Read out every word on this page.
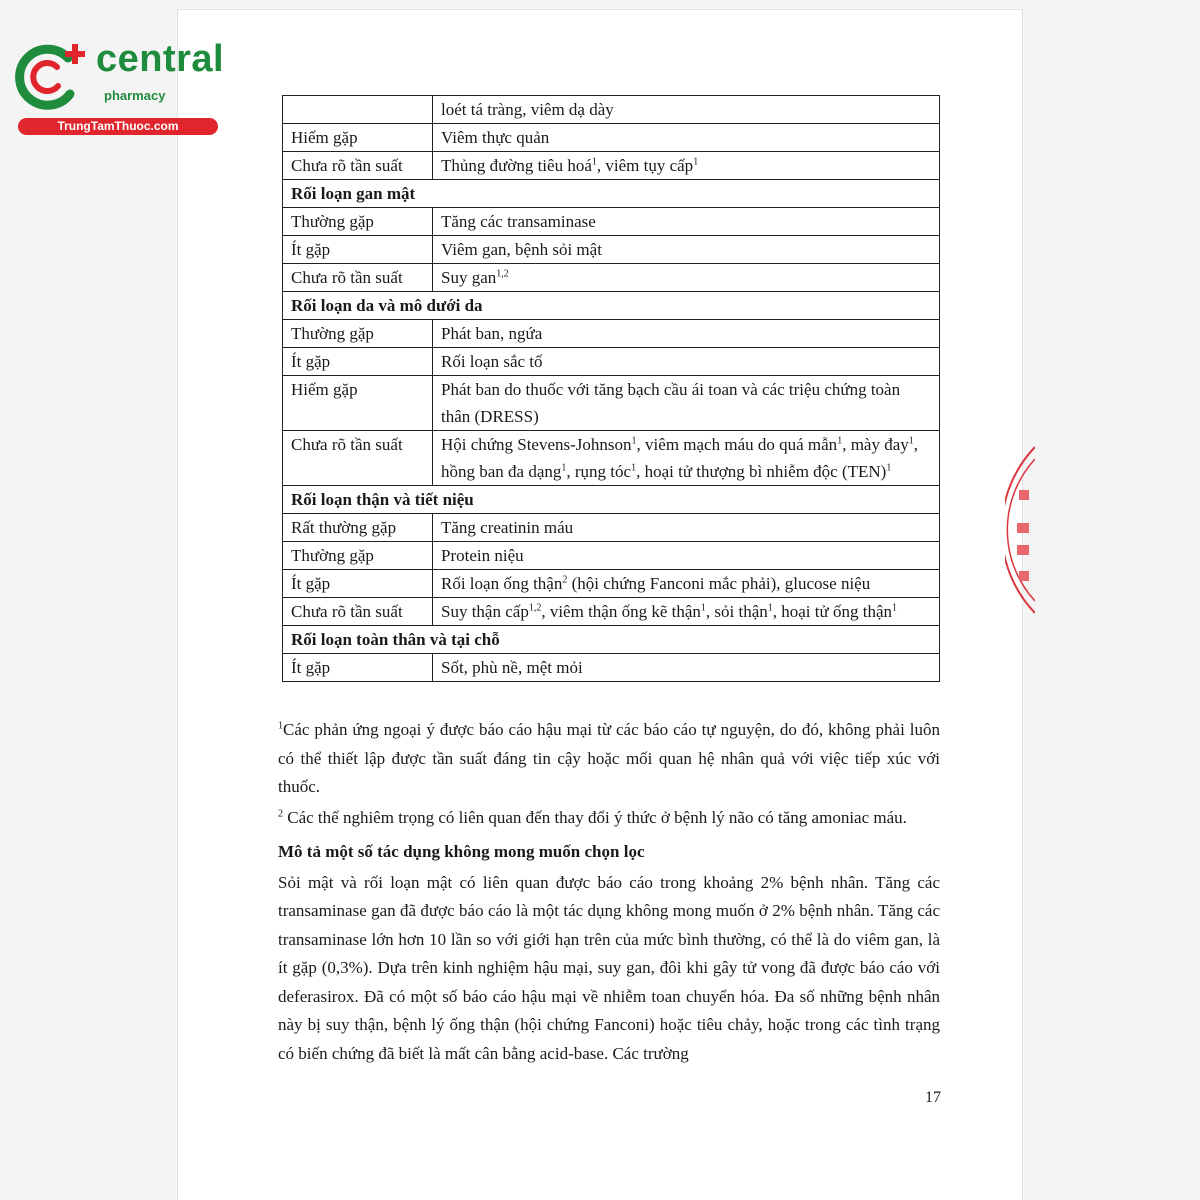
central
pharmacy
TrungTamThuoc.com
	loét tá tràng, viêm dạ dày
Hiếm gặp	Viêm thực quản
Chưa rõ tần suất	Thủng đường tiêu hoá$^1$, viêm tụy cấp$^1$
Rối loạn gan mật	
Thường gặp	Tăng các transaminase
Ít gặp	Viêm gan, bệnh sỏi mật
Chưa rõ tần suất	Suy gan$^{1,2}$
Rối loạn da và mô dưới da	
Thường gặp	Phát ban, ngứa
Ít gặp	Rối loạn sắc tố
Hiếm gặp	Phát ban do thuốc với tăng bạch cầu ái toan và các triệu chứng toàn thân (DRESS)
Chưa rõ tần suất	Hội chứng Stevens-Johnson$^1$, viêm mạch máu do quá mẫn$^1$, mày đay$^1$, hồng ban đa dạng$^1$, rụng tóc$^1$, hoại tử thượng bì nhiễm độc (TEN)$^1$
Rối loạn thận và tiết niệu	
Rất thường gặp	Tăng creatinin máu
Thường gặp	Protein niệu
Ít gặp	Rối loạn ống thận$^2$ (hội chứng Fanconi mắc phải), glucose niệu
Chưa rõ tần suất	Suy thận cấp$^{1,2}$, viêm thận ống kẽ thận$^1$, sỏi thận$^1$, hoại tử ống thận$^1$
Rối loạn toàn thân và tại chỗ	
Ít gặp	Sốt, phù nề, mệt mỏi

$^1$Các phản ứng ngoại ý được báo cáo hậu mại từ các báo cáo tự nguyện, do đó, không phải luôn có thể thiết lập được tần suất đáng tin cậy hoặc mối quan hệ nhân quả với việc tiếp xúc với thuốc.

$^2$ Các thể nghiêm trọng có liên quan đến thay đổi ý thức ở bệnh lý não có tăng amoniac máu.

Mô tả một số tác dụng không mong muốn chọn lọc

Sỏi mật và rối loạn mật có liên quan được báo cáo trong khoảng 2% bệnh nhân. Tăng các transaminase gan đã được báo cáo là một tác dụng không mong muốn ở 2% bệnh nhân. Tăng các transaminase lớn hơn 10 lần so với giới hạn trên của mức bình thường, có thể là do viêm gan, là ít gặp (0,3%). Dựa trên kinh nghiệm hậu mại, suy gan, đôi khi gây tử vong đã được báo cáo với deferasirox. Đã có một số báo cáo hậu mại về nhiễm toan chuyển hóa. Đa số những bệnh nhân này bị suy thận, bệnh lý ống thận (hội chứng Fanconi) hoặc tiêu chảy, hoặc trong các tình trạng có biến chứng đã biết là mất cân bằng acid-base. Các trường

17
